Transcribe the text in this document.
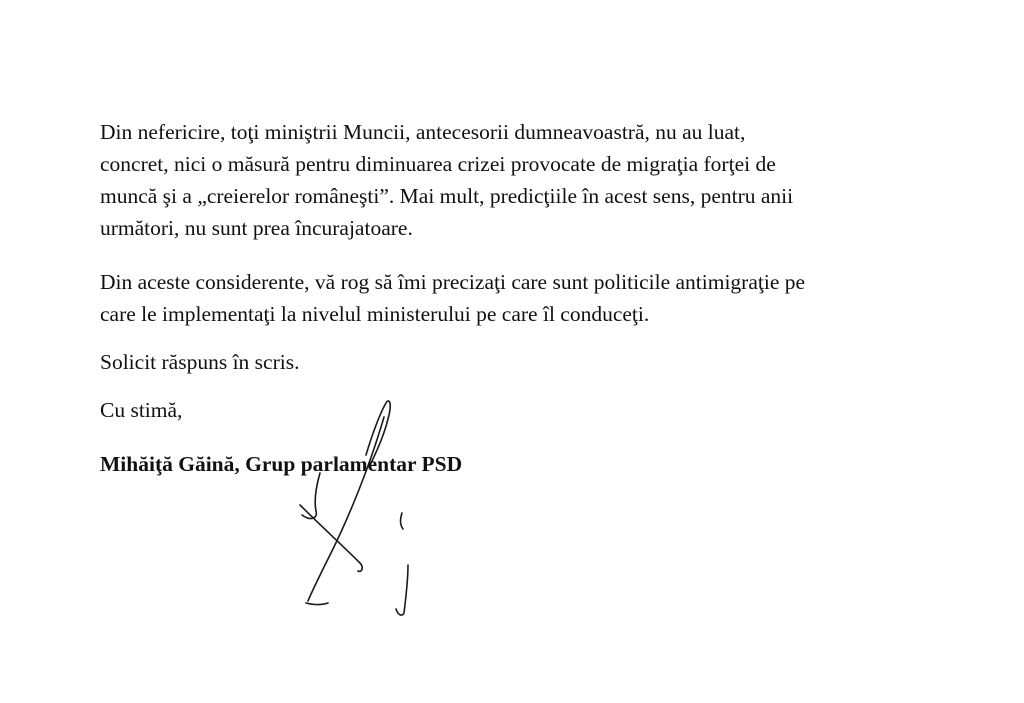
Din nefericire, toţi miniştrii Muncii, antecesorii dumneavoastră, nu au luat,
concret, nici o măsură pentru diminuarea crizei provocate de migraţia forţei de
muncă şi a „creierelor româneşti”. Mai mult, predicţiile în acest sens, pentru anii
următori, nu sunt prea încurajatoare.

Din aceste considerente, vă rog să îmi precizaţi care sunt politicile antimigraţie pe
care le implementaţi la nivelul ministerului pe care îl conduceţi.

Solicit răspuns în scris.

Cu stimă,

Mihăiţă Găină, Grup parlamentar PSD
